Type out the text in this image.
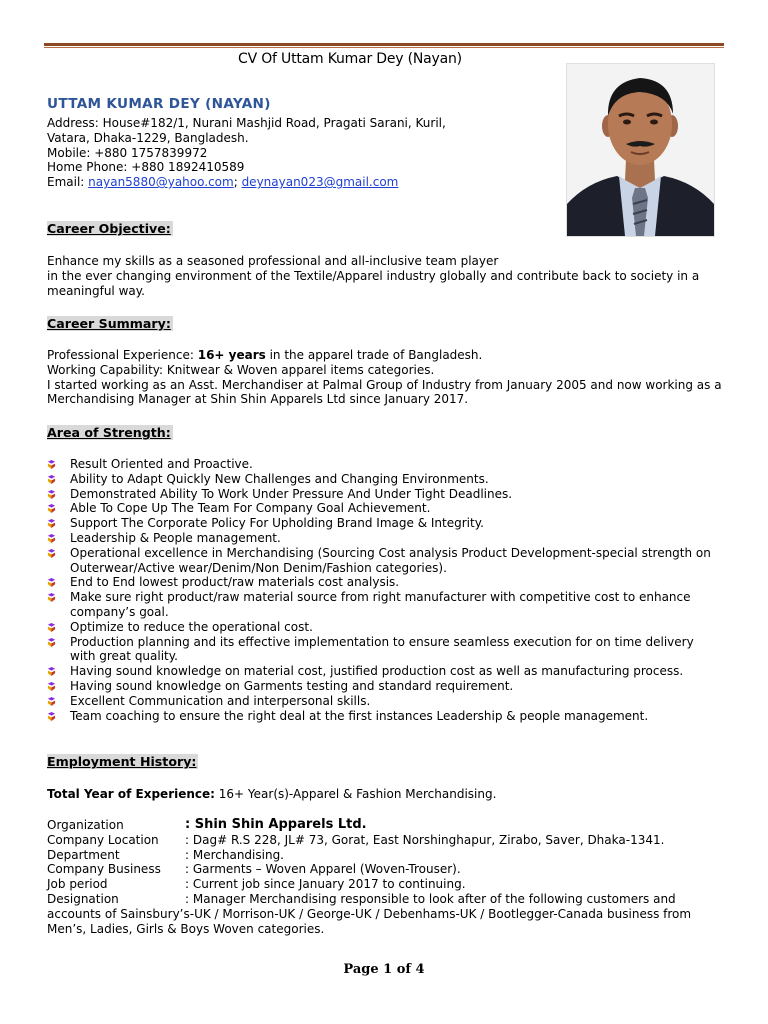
CV Of Uttam Kumar Dey (Nayan)
UTTAM KUMAR DEY (NAYAN)
Address: House#182/1, Nurani Mashjid Road, Pragati Sarani, Kuril,
Vatara, Dhaka-1229, Bangladesh.
Mobile: +880 1757839972
Home Phone: +880 1892410589
Email: nayan5880@yahoo.com; deynayan023@gmail.com
Career Objective:
Enhance my skills as a seasoned professional and all-inclusive team player
in the ever changing environment of the Textile/Apparel industry globally and contribute back to society in a meaningful way.
Career Summary:
Professional Experience: 16+ years in the apparel trade of Bangladesh.
Working Capability: Knitwear & Woven apparel items categories.
I started working as an Asst. Merchandiser at Palmal Group of Industry from January 2005 and now working as a Merchandising Manager at Shin Shin Apparels Ltd since January 2017.
Area of Strength:
Result Oriented and Proactive.
Ability to Adapt Quickly New Challenges and Changing Environments.
Demonstrated Ability To Work Under Pressure And Under Tight Deadlines.
Able To Cope Up The Team For Company Goal Achievement.
Support The Corporate Policy For Upholding Brand Image & Integrity.
Leadership & People management.
Operational excellence in Merchandising (Sourcing Cost analysis Product Development-special strength on Outerwear/Active wear/Denim/Non Denim/Fashion categories).
End to End lowest product/raw materials cost analysis.
Make sure right product/raw material source from right manufacturer with competitive cost to enhance company’s goal.
Optimize to reduce the operational cost.
Production planning and its effective implementation to ensure seamless execution for on time delivery with great quality.
Having sound knowledge on material cost, justified production cost as well as manufacturing process.
Having sound knowledge on Garments testing and standard requirement.
Excellent Communication and interpersonal skills.
Team coaching to ensure the right deal at the first instances Leadership & people management.
Employment History:
Total Year of Experience: 16+ Year(s)-Apparel & Fashion Merchandising.
Organization	: Shin Shin Apparels Ltd.
Company Location	: Dag# R.S 228, JL# 73, Gorat, East Norshinghapur, Zirabo, Saver, Dhaka-1341.
Department	: Merchandising.
Company Business	: Garments – Woven Apparel (Woven-Trouser).
Job period	: Current job since January 2017 to continuing.
Designation	: Manager Merchandising responsible to look after of the following customers and
accounts of Sainsbury’s-UK / Morrison-UK / George-UK / Debenhams-UK / Bootlegger-Canada business from Men’s, Ladies, Girls & Boys Woven categories.
Page 1 of 4
